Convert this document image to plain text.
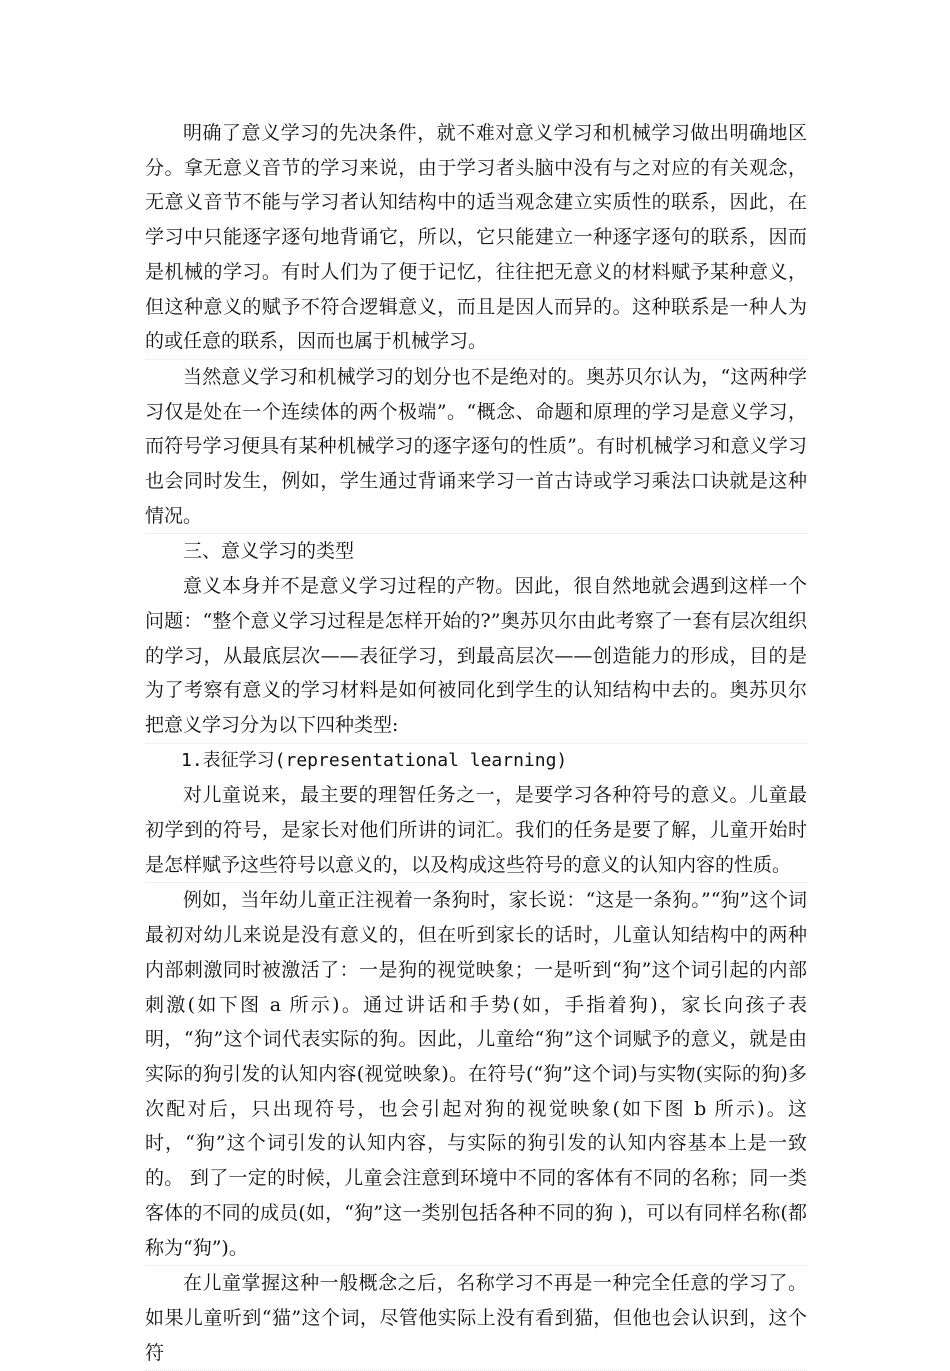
明确了意义学习的先决条件，就不难对意义学习和机械学习做出明确地区分。拿无意义音节的学习来说，由于学习者头脑中没有与之对应的有关观念，无意义音节不能与学习者认知结构中的适当观念建立实质性的联系，因此，在学习中只能逐字逐句地背诵它，所以，它只能建立一种逐字逐句的联系，因而是机械的学习。有时人们为了便于记忆，往往把无意义的材料赋予某种意义，但这种意义的赋予不符合逻辑意义，而且是因人而异的。这种联系是一种人为的或任意的联系，因而也属于机械学习。

当然意义学习和机械学习的划分也不是绝对的。奥苏贝尔认为，“这两种学习仅是处在一个连续体的两个极端”。“概念、命题和原理的学习是意义学习，而符号学习便具有某种机械学习的逐字逐句的性质”。有时机械学习和意义学习也会同时发生，例如，学生通过背诵来学习一首古诗或学习乘法口诀就是这种情况。

三、意义学习的类型

意义本身并不是意义学习过程的产物。因此，很自然地就会遇到这样一个问题：“整个意义学习过程是怎样开始的?”奥苏贝尔由此考察了一套有层次组织的学习，从最底层次——表征学习，到最高层次——创造能力的形成，目的是为了考察有意义的学习材料是如何被同化到学生的认知结构中去的。奥苏贝尔把意义学习分为以下四种类型:

1.表征学习(representational learning)

对儿童说来，最主要的理智任务之一，是要学习各种符号的意义。儿童最初学到的符号，是家长对他们所讲的词汇。我们的任务是要了解，儿童开始时是怎样赋予这些符号以意义的，以及构成这些符号的意义的认知内容的性质。

例如，当年幼儿童正注视着一条狗时，家长说：“这是一条狗。”“狗”这个词最初对幼儿来说是没有意义的，但在听到家长的话时，儿童认知结构中的两种内部刺激同时被激活了：一是狗的视觉映象；一是听到“狗”这个词引起的内部刺激(如下图 a 所示)。通过讲话和手势(如，手指着狗)，家长向孩子表明，“狗”这个词代表实际的狗。因此，儿童给“狗”这个词赋予的意义，就是由实际的狗引发的认知内容(视觉映象)。在符号(“狗”这个词)与实物(实际的狗)多次配对后，只出现符号，也会引起对狗的视觉映象(如下图 b 所示)。这时，“狗”这个词引发的认知内容，与实际的狗引发的认知内容基本上是一致的。 到了一定的时候，儿童会注意到环境中不同的客体有不同的名称；同一类客体的不同的成员(如，“狗”这一类别包括各种不同的狗 )，可以有同样名称(都称为“狗”)。

在儿童掌握这种一般概念之后，名称学习不再是一种完全任意的学习了。如果儿童听到“猫”这个词，尽管他实际上没有看到猫，但他也会认识到，这个符
